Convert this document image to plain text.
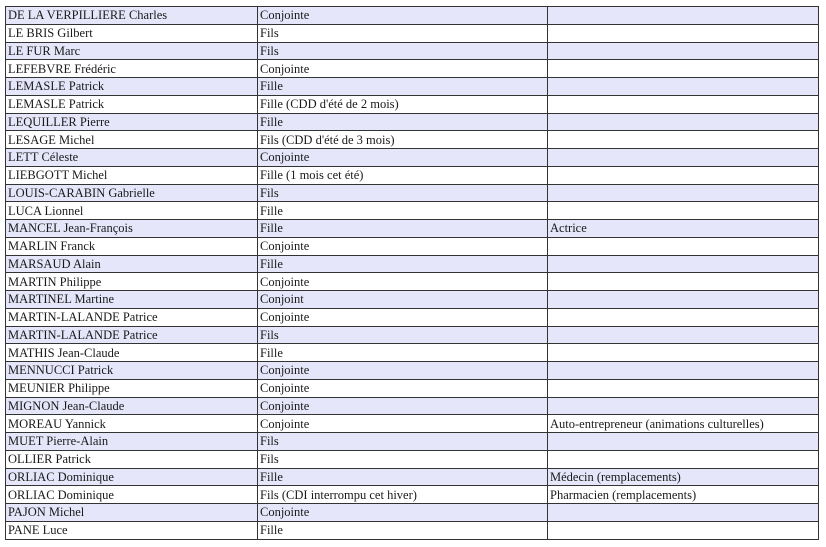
DE LA VERPILLIERE Charles	Conjointe	
LE BRIS Gilbert	Fils	
LE FUR Marc	Fils	
LEFEBVRE Frédéric	Conjointe	
LEMASLE Patrick	Fille	
LEMASLE Patrick	Fille (CDD d'été de 2 mois)	
LEQUILLER Pierre	Fille	
LESAGE Michel	Fils (CDD d'été de 3 mois)	
LETT Céleste	Conjointe	
LIEBGOTT Michel	Fille (1 mois cet été)	
LOUIS-CARABIN Gabrielle	Fils	
LUCA Lionnel	Fille	
MANCEL Jean-François	Fille	Actrice
MARLIN Franck	Conjointe	
MARSAUD Alain	Fille	
MARTIN Philippe	Conjointe	
MARTINEL Martine	Conjoint	
MARTIN-LALANDE Patrice	Conjointe	
MARTIN-LALANDE Patrice	Fils	
MATHIS Jean-Claude	Fille	
MENNUCCI Patrick	Conjointe	
MEUNIER Philippe	Conjointe	
MIGNON Jean-Claude	Conjointe	
MOREAU Yannick	Conjointe	Auto-entrepreneur (animations culturelles)
MUET Pierre-Alain	Fils	
OLLIER Patrick	Fils	
ORLIAC Dominique	Fille	Médecin (remplacements)
ORLIAC Dominique	Fils (CDI interrompu cet hiver)	Pharmacien (remplacements)
PAJON Michel	Conjointe	
PANE Luce	Fille	
